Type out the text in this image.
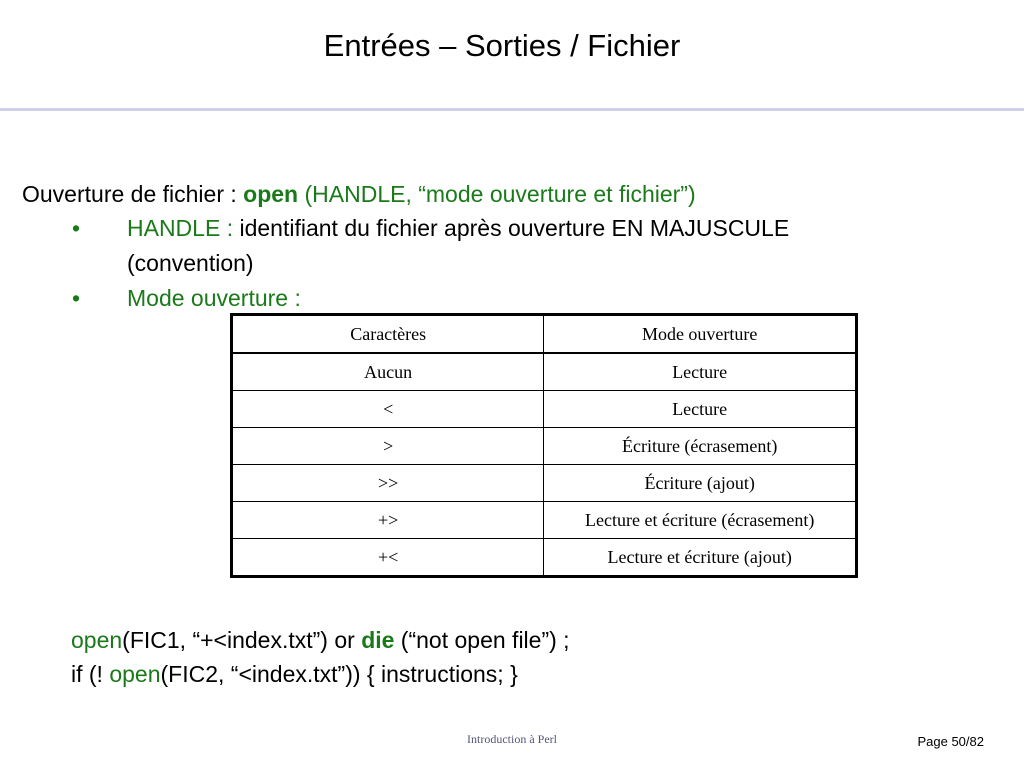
Entrées – Sorties / Fichier
Ouverture de fichier : open (HANDLE, “mode ouverture et fichier”)
• HANDLE : identifiant du fichier après ouverture EN MAJUSCULE
(convention)
• Mode ouverture :
Caractères	Mode ouverture
Aucun	Lecture
<	Lecture
>	Écriture (écrasement)
>>	Écriture (ajout)
+>	Lecture et écriture (écrasement)
+<	Lecture et écriture (ajout)
open(FIC1, “+<index.txt”) or die (“not open file”) ;
if (! open(FIC2, “<index.txt”)) { instructions; }
Introduction à Perl	Page 50/82
